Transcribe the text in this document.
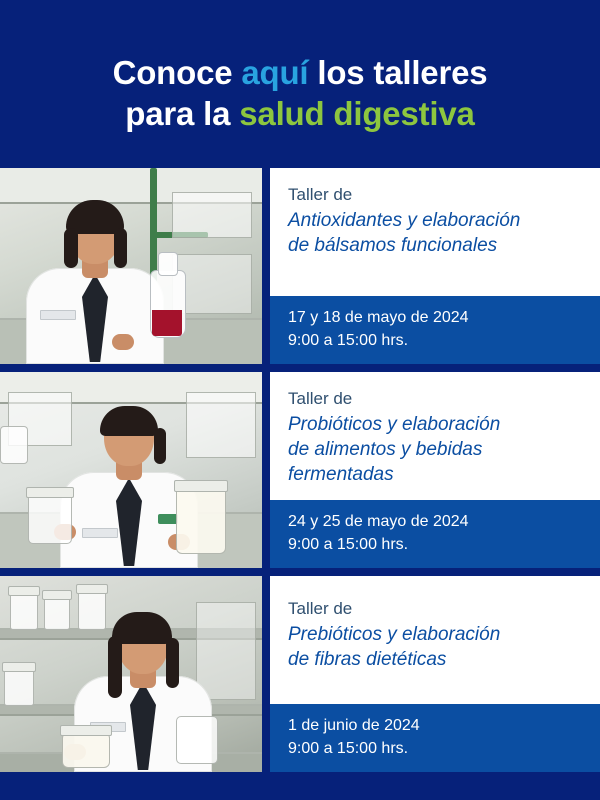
Conoce aquí los talleres
para la salud digestiva
Taller de
Antioxidantes y elaboración
de bálsamos funcionales
17 y 18 de mayo de 2024
9:00 a 15:00 hrs.
Taller de
Probióticos y elaboración
de alimentos y bebidas
fermentadas
24 y 25 de mayo de 2024
9:00 a 15:00 hrs.
Taller de
Prebióticos y elaboración
de fibras dietéticas
1 de junio de 2024
9:00 a 15:00 hrs.
